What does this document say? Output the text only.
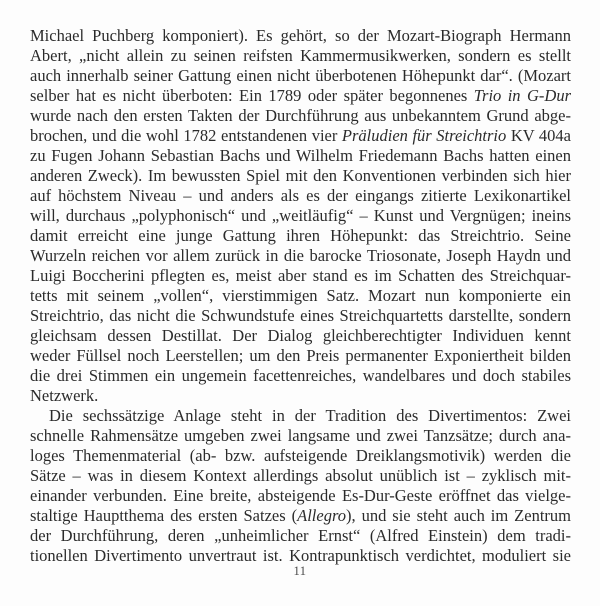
Michael Puchberg komponiert). Es gehört, so der Mozart-Biograph Hermann
Abert, „nicht allein zu seinen reifsten Kammermusikwerken, sondern es stellt
auch innerhalb seiner Gattung einen nicht überbotenen Höhepunkt dar“. (Mozart
selber hat es nicht überboten: Ein 1789 oder später begonnenes Trio in G-Dur
wurde nach den ersten Takten der Durchführung aus unbekanntem Grund abge-
brochen, und die wohl 1782 entstandenen vier Präludien für Streichtrio KV 404a
zu Fugen Johann Sebastian Bachs und Wilhelm Friedemann Bachs hatten einen
anderen Zweck). Im bewussten Spiel mit den Konventionen verbinden sich hier
auf höchstem Niveau – und anders als es der eingangs zitierte Lexikonartikel
will, durchaus „polyphonisch“ und „weitläufig“ – Kunst und Vergnügen; ineins
damit erreicht eine junge Gattung ihren Höhepunkt: das Streichtrio. Seine
Wurzeln reichen vor allem zurück in die barocke Triosonate, Joseph Haydn und
Luigi Boccherini pflegten es, meist aber stand es im Schatten des Streichquar-
tetts mit seinem „vollen“, vierstimmigen Satz. Mozart nun komponierte ein
Streichtrio, das nicht die Schwundstufe eines Streichquartetts darstellte, sondern
gleichsam dessen Destillat. Der Dialog gleichberechtigter Individuen kennt
weder Füllsel noch Leerstellen; um den Preis permanenter Exponiertheit bilden
die drei Stimmen ein ungemein facettenreiches, wandelbares und doch stabiles
Netzwerk.
Die sechssätzige Anlage steht in der Tradition des Divertimentos: Zwei
schnelle Rahmensätze umgeben zwei langsame und zwei Tanzsätze; durch ana-
loges Themenmaterial (ab- bzw. aufsteigende Dreiklangsmotivik) werden die
Sätze – was in diesem Kontext allerdings absolut unüblich ist – zyklisch mit-
einander verbunden. Eine breite, absteigende Es-Dur-Geste eröffnet das vielge-
staltige Hauptthema des ersten Satzes (Allegro), und sie steht auch im Zentrum
der Durchführung, deren „unheimlicher Ernst“ (Alfred Einstein) dem tradi-
tionellen Divertimento unvertraut ist. Kontrapunktisch verdichtet, moduliert sie
11
